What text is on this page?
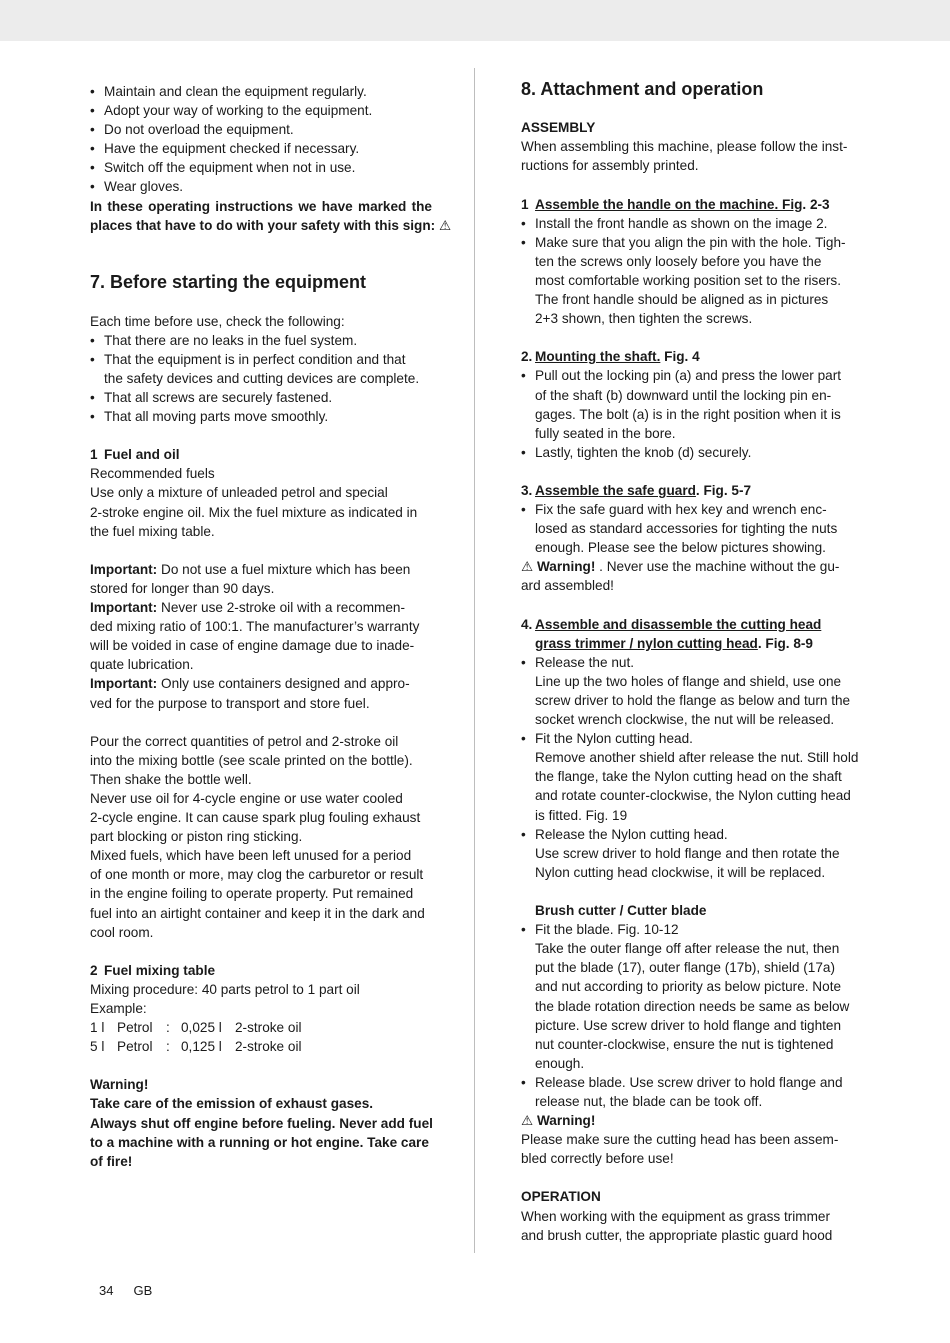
• Maintain and clean the equipment regularly.
• Adopt your way of working to the equipment.
• Do not overload the equipment.
• Have the equipment checked if necessary.
• Switch off the equipment when not in use.
• Wear gloves.
In these operating instructions we have marked the
places that have to do with your safety with this sign: ⚠
7. Before starting the equipment
Each time before use, check the following:
• That there are no leaks in the fuel system.
• That the equipment is in perfect condition and that
the safety devices and cutting devices are complete.
• That all screws are securely fastened.
• That all moving parts move smoothly.
1 Fuel and oil
Recommended fuels
Use only a mixture of unleaded petrol and special
2-stroke engine oil. Mix the fuel mixture as indicated in
the fuel mixing table.
Important: Do not use a fuel mixture which has been
stored for longer than 90 days.
Important: Never use 2-stroke oil with a recommen-
ded mixing ratio of 100:1. The manufacturer’s warranty
will be voided in case of engine damage due to inade-
quate lubrication.
Important: Only use containers designed and appro-
ved for the purpose to transport and store fuel.
Pour the correct quantities of petrol and 2-stroke oil
into the mixing bottle (see scale printed on the bottle).
Then shake the bottle well.
Never use oil for 4-cycle engine or use water cooled
2-cycle engine. It can cause spark plug fouling exhaust
part blocking or piston ring sticking.
Mixed fuels, which have been left unused for a period
of one month or more, may clog the carburetor or result
in the engine foiling to operate property. Put remained
fuel into an airtight container and keep it in the dark and
cool room.
2 Fuel mixing table
Mixing procedure: 40 parts petrol to 1 part oil
Example:
1 l Petrol : 0,025 l 2-stroke oil
5 l Petrol : 0,125 l 2-stroke oil
Warning!
Take care of the emission of exhaust gases.
Always shut off engine before fueling. Never add fuel
to a machine with a running or hot engine. Take care
of fire!
8. Attachment and operation
ASSEMBLY
When assembling this machine, please follow the inst-
ructions for assembly printed.
1 Assemble the handle on the machine. Fig. 2-3
• Install the front handle as shown on the image 2.
• Make sure that you align the pin with the hole. Tigh-
ten the screws only loosely before you have the
most comfortable working position set to the risers.
The front handle should be aligned as in pictures
2+3 shown, then tighten the screws.
2. Mounting the shaft. Fig. 4
• Pull out the locking pin (a) and press the lower part
of the shaft (b) downward until the locking pin en-
gages. The bolt (a) is in the right position when it is
fully seated in the bore.
• Lastly, tighten the knob (d) securely.
3. Assemble the safe guard. Fig. 5-7
• Fix the safe guard with hex key and wrench enc-
losed as standard accessories for tighting the nuts
enough. Please see the below pictures showing.
⚠ Warning! . Never use the machine without the gu-
ard assembled!
4. Assemble and disassemble the cutting head
grass trimmer / nylon cutting head. Fig. 8-9
• Release the nut.
Line up the two holes of flange and shield, use one
screw driver to hold the flange as below and turn the
socket wrench clockwise, the nut will be released.
• Fit the Nylon cutting head.
Remove another shield after release the nut. Still hold
the flange, take the Nylon cutting head on the shaft
and rotate counter-clockwise, the Nylon cutting head
is fitted. Fig. 19
• Release the Nylon cutting head.
Use screw driver to hold flange and then rotate the
Nylon cutting head clockwise, it will be replaced.
Brush cutter / Cutter blade
• Fit the blade. Fig. 10-12
Take the outer flange off after release the nut, then
put the blade (17), outer flange (17b), shield (17a)
and nut according to priority as below picture. Note
the blade rotation direction needs be same as below
picture. Use screw driver to hold flange and tighten
nut counter-clockwise, ensure the nut is tightened
enough.
• Release blade. Use screw driver to hold flange and
release nut, the blade can be took off.
⚠ Warning!
Please make sure the cutting head has been assem-
bled correctly before use!
OPERATION
When working with the equipment as grass trimmer
and brush cutter, the appropriate plastic guard hood
34 GB
